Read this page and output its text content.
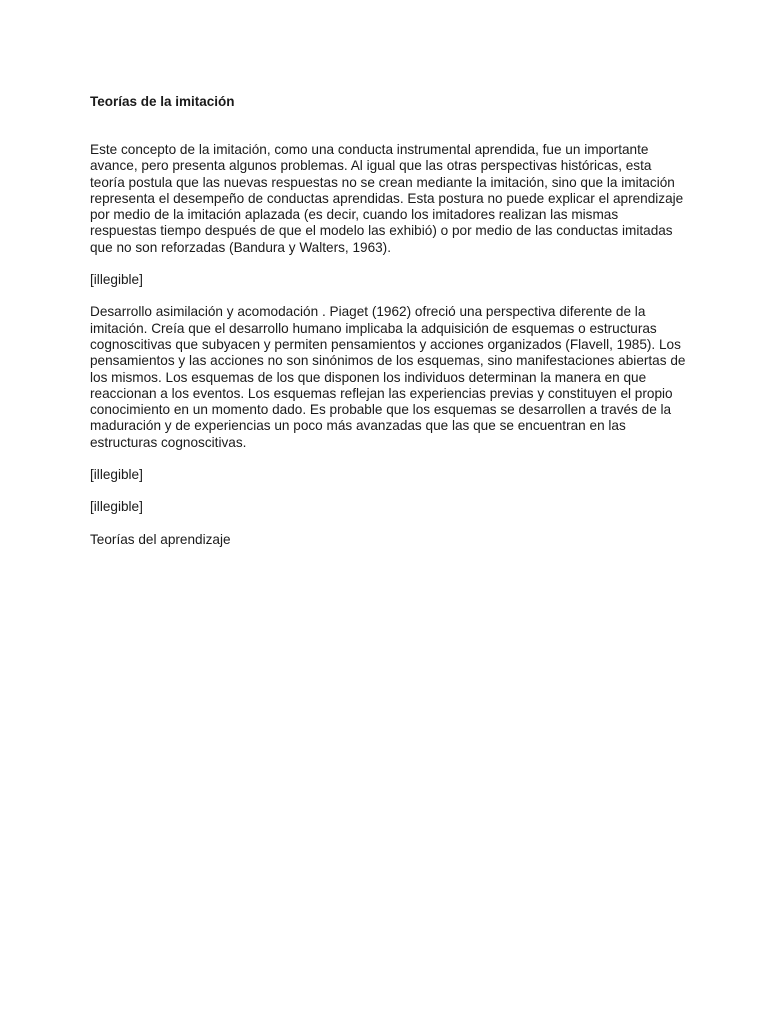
Teorías de la imitación

Este concepto de la imitación, como una conducta instrumental aprendida, fue un importante avance, pero presenta algunos problemas. Al igual que las otras perspectivas históricas, esta teoría postula que las nuevas respuestas no se crean mediante la imitación, sino que la imitación representa el desempeño de conductas aprendidas. Esta postura no puede explicar el aprendizaje por medio de la imitación aplazada (es decir, cuando los imitadores realizan las mismas respuestas tiempo después de que el modelo las exhibió) o por medio de las conductas imitadas que no son reforzadas (Bandura y Walters, 1963).

[illegible]

Desarrollo asimilación y acomodación . Piaget (1962) ofreció una perspectiva diferente de la imitación. Creía que el desarrollo humano implicaba la adquisición de esquemas o estructuras cognoscitivas que subyacen y permiten pensamientos y acciones organizados (Flavell, 1985). Los pensamientos y las acciones no son sinónimos de los esquemas, sino manifestaciones abiertas de los mismos. Los esquemas de los que disponen los individuos determinan la manera en que reaccionan a los eventos. Los esquemas reflejan las experiencias previas y constituyen el propio conocimiento en un momento dado. Es probable que los esquemas se desarrollen a través de la maduración y de experiencias un poco más avanzadas que las que se encuentran en las estructuras cognoscitivas.

[illegible]

[illegible]

Teorías del aprendizaje
